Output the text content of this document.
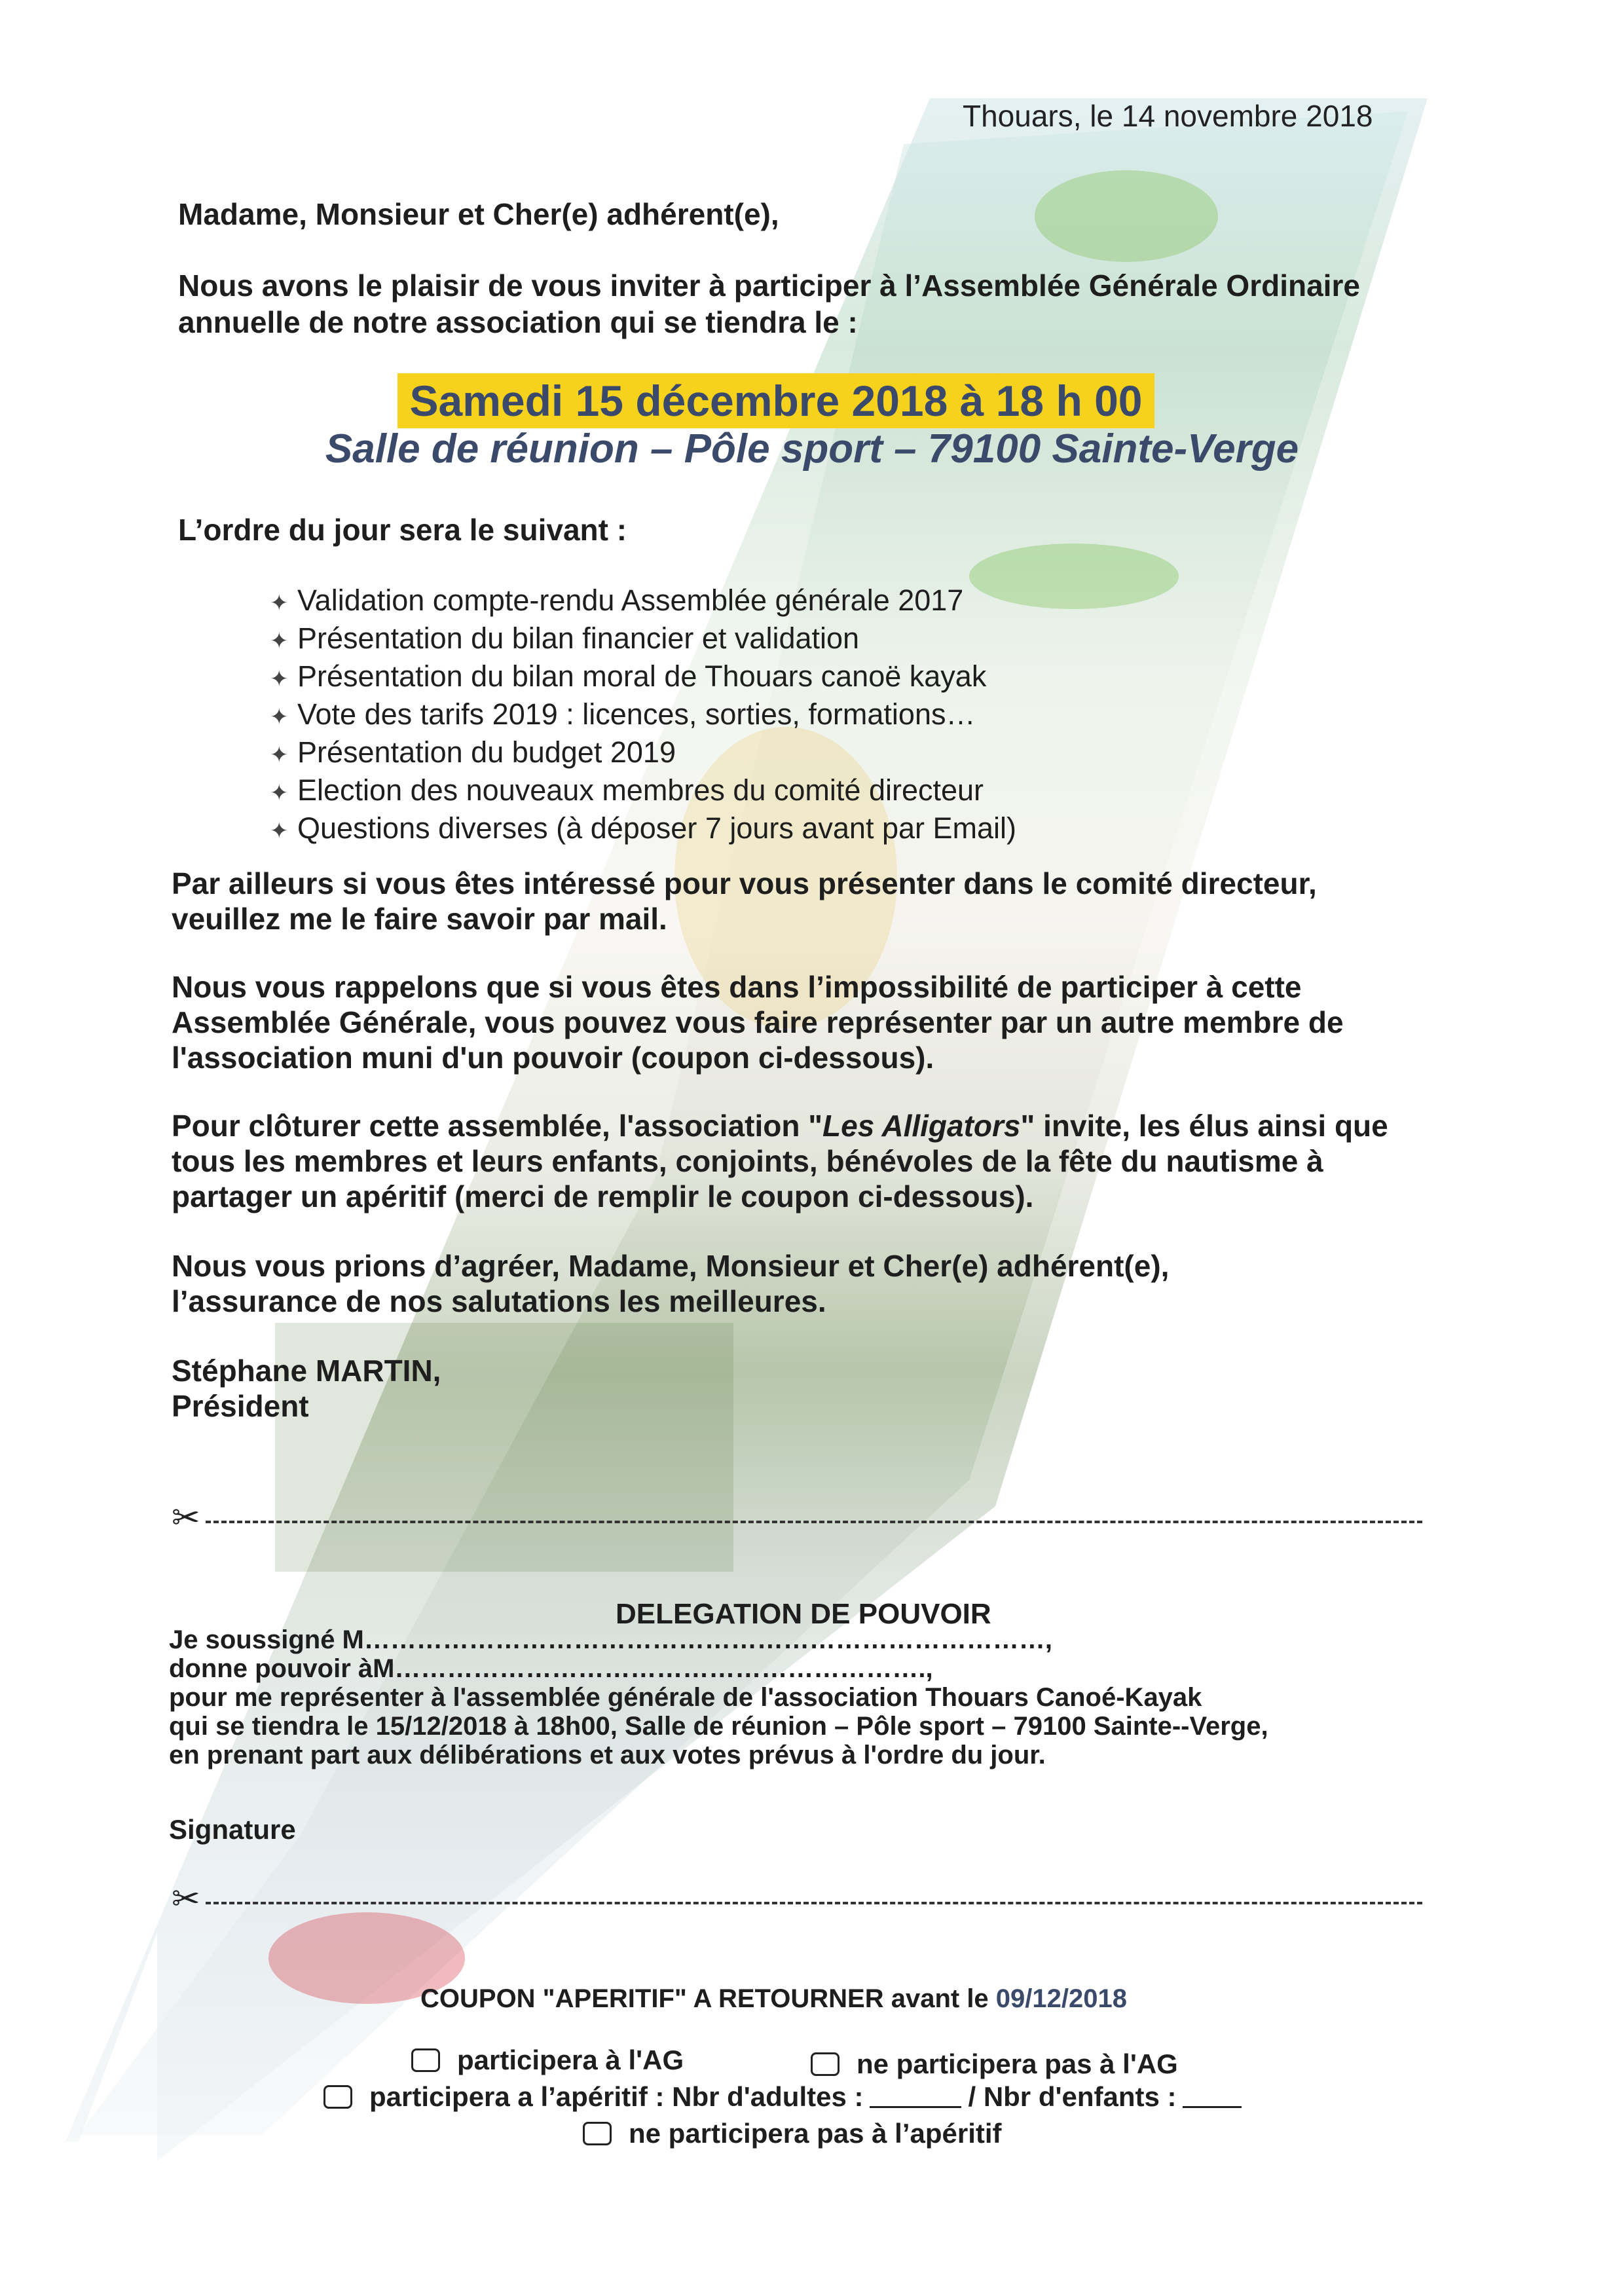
Thouars, le 14 novembre 2018
Madame, Monsieur et Cher(e) adhérent(e),
Nous avons le plaisir de vous inviter à participer à l’Assemblée Générale Ordinaire
annuelle de notre association qui se tiendra le :
Samedi 15 décembre 2018 à 18 h 00
Salle de réunion – Pôle sport – 79100 Sainte-Verge
L’ordre du jour sera le suivant :
✦ Validation compte-rendu Assemblée générale 2017
✦ Présentation du bilan financier et validation
✦ Présentation du bilan moral de Thouars canoë kayak
✦ Vote des tarifs 2019 : licences, sorties, formations…
✦ Présentation du budget 2019
✦ Election des nouveaux membres du comité directeur
✦ Questions diverses (à déposer 7 jours avant par Email)
Par ailleurs si vous êtes intéressé pour vous présenter dans le comité directeur,
veuillez me le faire savoir par mail.
Nous vous rappelons que si vous êtes dans l’impossibilité de participer à cette
Assemblée Générale, vous pouvez vous faire représenter par un autre membre de
l'association muni d'un pouvoir (coupon ci-dessous).
Pour clôturer cette assemblée, l'association "Les Alligators" invite, les élus ainsi que
tous les membres et leurs enfants, conjoints, bénévoles de la fête du nautisme à
partager un apéritif (merci de remplir le coupon ci-dessous).
Nous vous prions d’agréer, Madame, Monsieur et Cher(e) adhérent(e),
l’assurance de nos salutations les meilleures.
Stéphane MARTIN,
Président
✂
DELEGATION DE POUVOIR
Je soussigné M……………………………………………………………………,
donne pouvoir àM…………………………………………………….,
pour me représenter à l'assemblée générale de l'association Thouars Canoé-Kayak
qui se tiendra le 15/12/2018 à 18h00, Salle de réunion – Pôle sport – 79100 Sainte--Verge,
en prenant part aux délibérations et aux votes prévus à l'ordre du jour.
Signature
✂
COUPON "APERITIF" A RETOURNER avant le 09/12/2018
participera à l'AG	ne participera pas à l'AG
participera a l’apéritif : Nbr d'adultes :	/ Nbr d'enfants :
ne participera pas à l’apéritif
